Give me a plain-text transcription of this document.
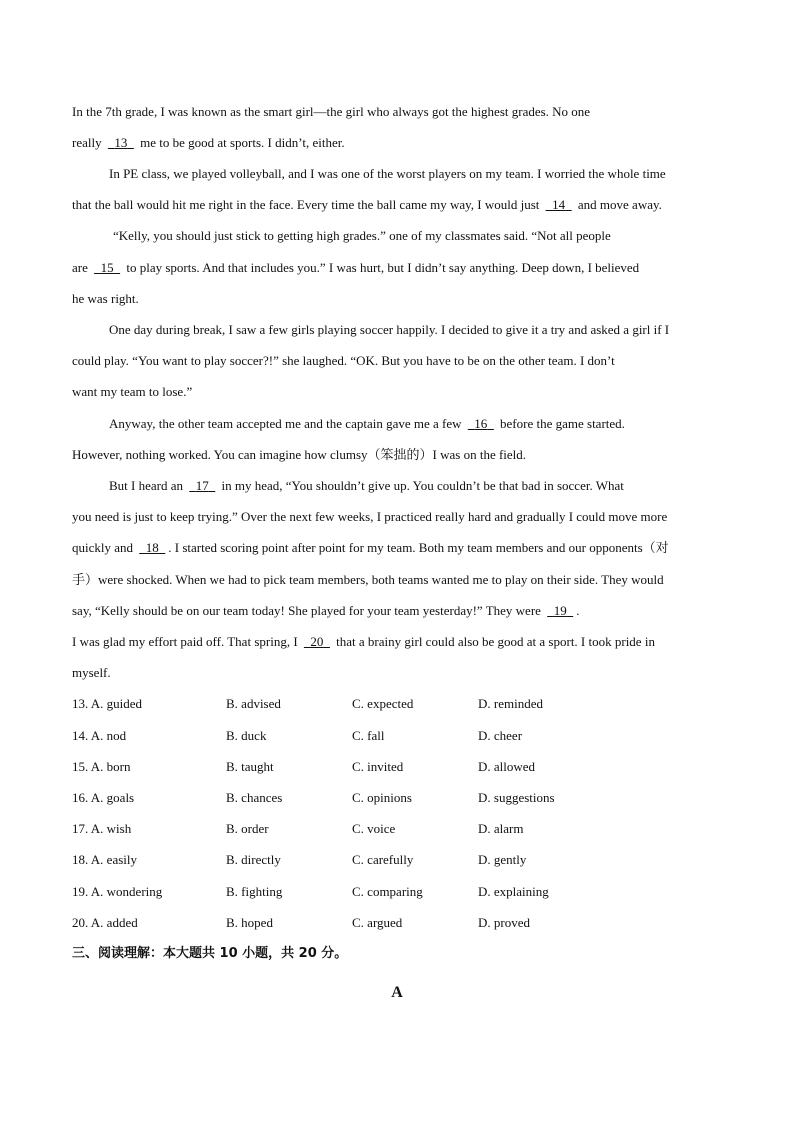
In the 7th grade, I was known as the smart girl—the girl who always got the highest grades. No one
really   13   me to be good at sports. I didn’t, either.
In PE class, we played volleyball, and I was one of the worst players on my team. I worried the whole time
that the ball would hit me right in the face. Every time the ball came my way, I would just   14   and move away.
“Kelly, you should just stick to getting high grades.” one of my classmates said. “Not all people
are   15   to play sports. And that includes you.” I was hurt, but I didn’t say anything. Deep down, I believed
he was right.
One day during break, I saw a few girls playing soccer happily. I decided to give it a try and asked a girl if I
could play. “You want to play soccer?!” she laughed. “OK. But you have to be on the other team. I don’t
want my team to lose.”
Anyway, the other team accepted me and the captain gave me a few   16   before the game started.
However, nothing worked. You can imagine how clumsy（笨拙的）I was on the field.
But I heard an   17   in my head, “You shouldn’t give up. You couldn’t be that bad in soccer. What
you need is just to keep trying.” Over the next few weeks, I practiced really hard and gradually I could move more
quickly and   18 . I started scoring point after point for my team. Both my team members and our opponents（对
手）were shocked. When we had to pick team members, both teams wanted me to play on their side. They would
say, “Kelly should be on our team today! She played for your team yesterday!” They were   19 .
I was glad my effort paid off. That spring, I   20   that a brainy girl could also be good at a sport. I took pride in
myself.
13. A. guided	B. advised	C. expected	D. reminded
14. A. nod	B. duck	C. fall	D. cheer
15. A. born	B. taught	C. invited	D. allowed
16. A. goals	B. chances	C. opinions	D. suggestions
17. A. wish	B. order	C. voice	D. alarm
18. A. easily	B. directly	C. carefully	D. gently
19. A. wondering	B. fighting	C. comparing	D. explaining
20. A. added	B. hoped	C. argued	D. proved
三、阅读理解：本大题共 10 小题，共 20 分。
A
